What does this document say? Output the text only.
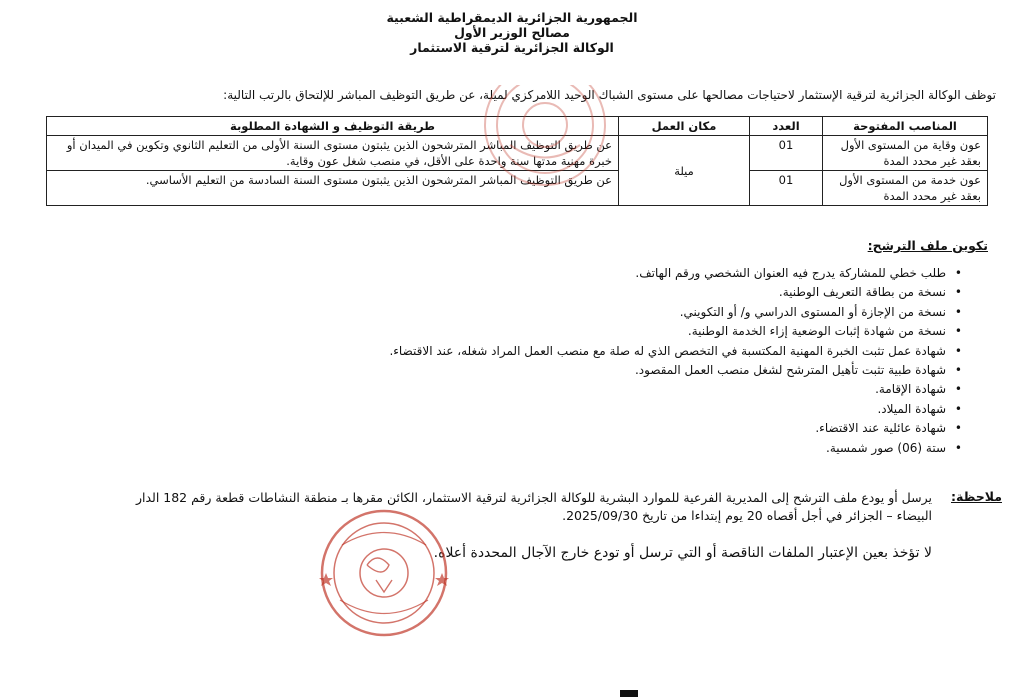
الجمهورية الجزائرية الديمقراطية الشعبية
مصالح الوزير الأول
الوكالة الجزائرية لترقية الاستثمار
توظف الوكالة الجزائرية لترقية الإستثمار لاحتياجات مصالحها على مستوى الشباك الوحيد اللامركزي لميلة، عن طريق التوظيف المباشر للإلتحاق بالرتب التالية:
المناصب المفتوحة	العدد	مكان العمل	طريقة التوظيف و الشهادة المطلوبة
عون وقاية من المستوى الأول بعقد غير محدد المدة	01	ميلة	عن طريق التوظيف المباشر المترشحون الذين يثبتون مستوى السنة الأولى من التعليم الثانوي وتكوين في الميدان أو خبرة مهنية مدتها سنة واحدة على الأقل، في منصب شغل عون وقاية.
عون خدمة من المستوى الأول بعقد غير محدد المدة	01		عن طريق التوظيف المباشر المترشحون الذين يثبتون مستوى السنة السادسة من التعليم الأساسي.
تكوين ملف الترشح:
• طلب خطي للمشاركة يدرج فيه العنوان الشخصي ورقم الهاتف.
• نسخة من بطاقة التعريف الوطنية.
• نسخة من الإجازة أو المستوى الدراسي و/ أو التكويني.
• نسخة من شهادة إثبات الوضعية إزاء الخدمة الوطنية.
• شهادة عمل تثبت الخبرة المهنية المكتسبة في التخصص الذي له صلة مع منصب العمل المراد شغله، عند الاقتضاء.
• شهادة طبية تثبت تأهيل المترشح لشغل منصب العمل المقصود.
• شهادة الإقامة.
• شهادة الميلاد.
• شهادة عائلية عند الاقتضاء.
• ستة (06) صور شمسية.
ملاحظة:
يرسل أو يودع ملف الترشح إلى المديرية الفرعية للموارد البشرية للوكالة الجزائرية لترقية الاستثمار، الكائن مقرها بـ منطقة النشاطات قطعة رقم 182 الدار البيضاء – الجزائر في أجل أقصاه 20 يوم إبتداءا من تاريخ 2025/09/30.
لا تؤخذ بعين الإعتبار الملفات الناقصة أو التي ترسل أو تودع خارج الآجال المحددة أعلاه.
